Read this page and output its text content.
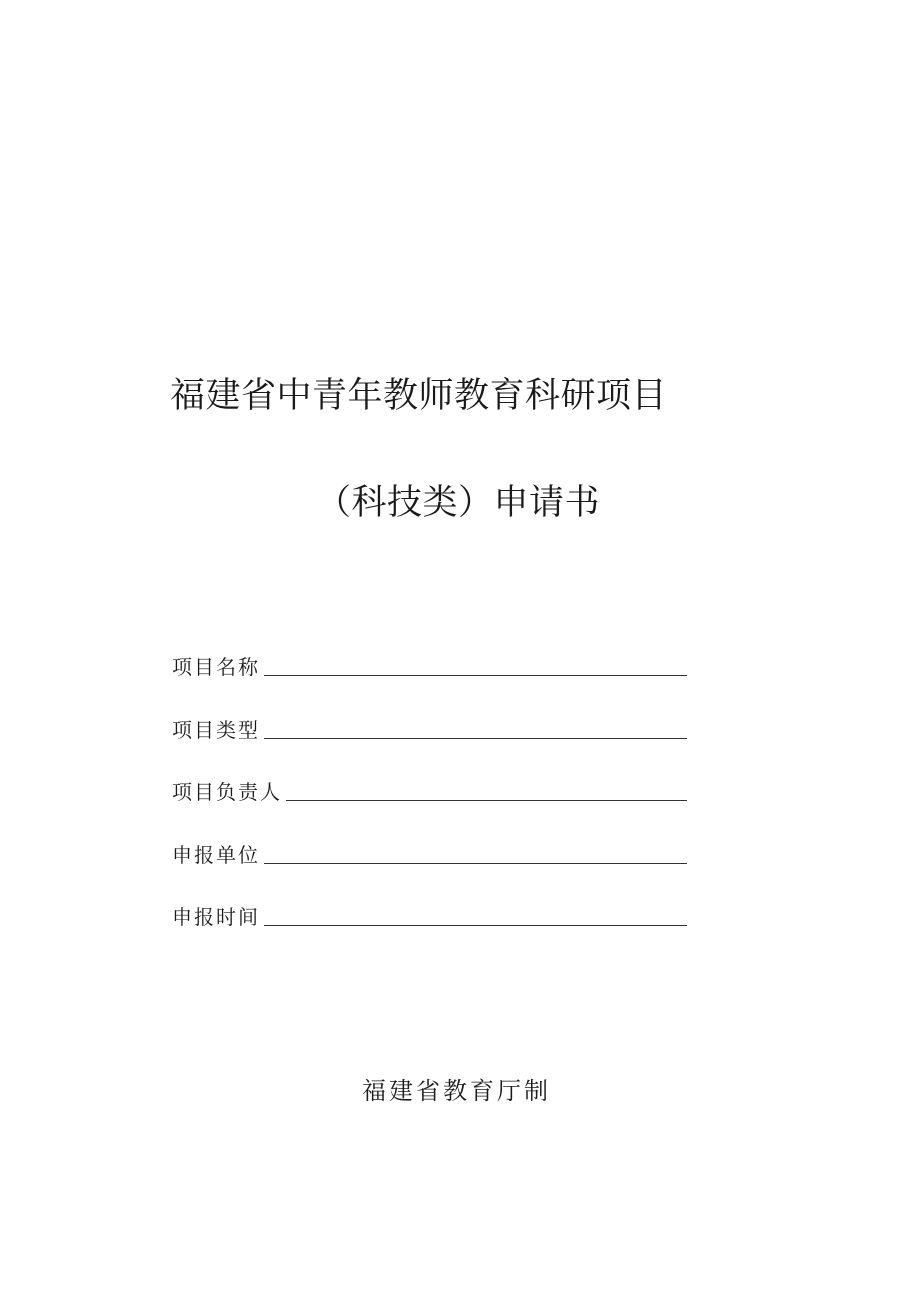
福建省中青年教师教育科研项目
（科技类）申请书
项目名称
项目类型
项目负责人
申报单位
申报时间
福建省教育厅制
